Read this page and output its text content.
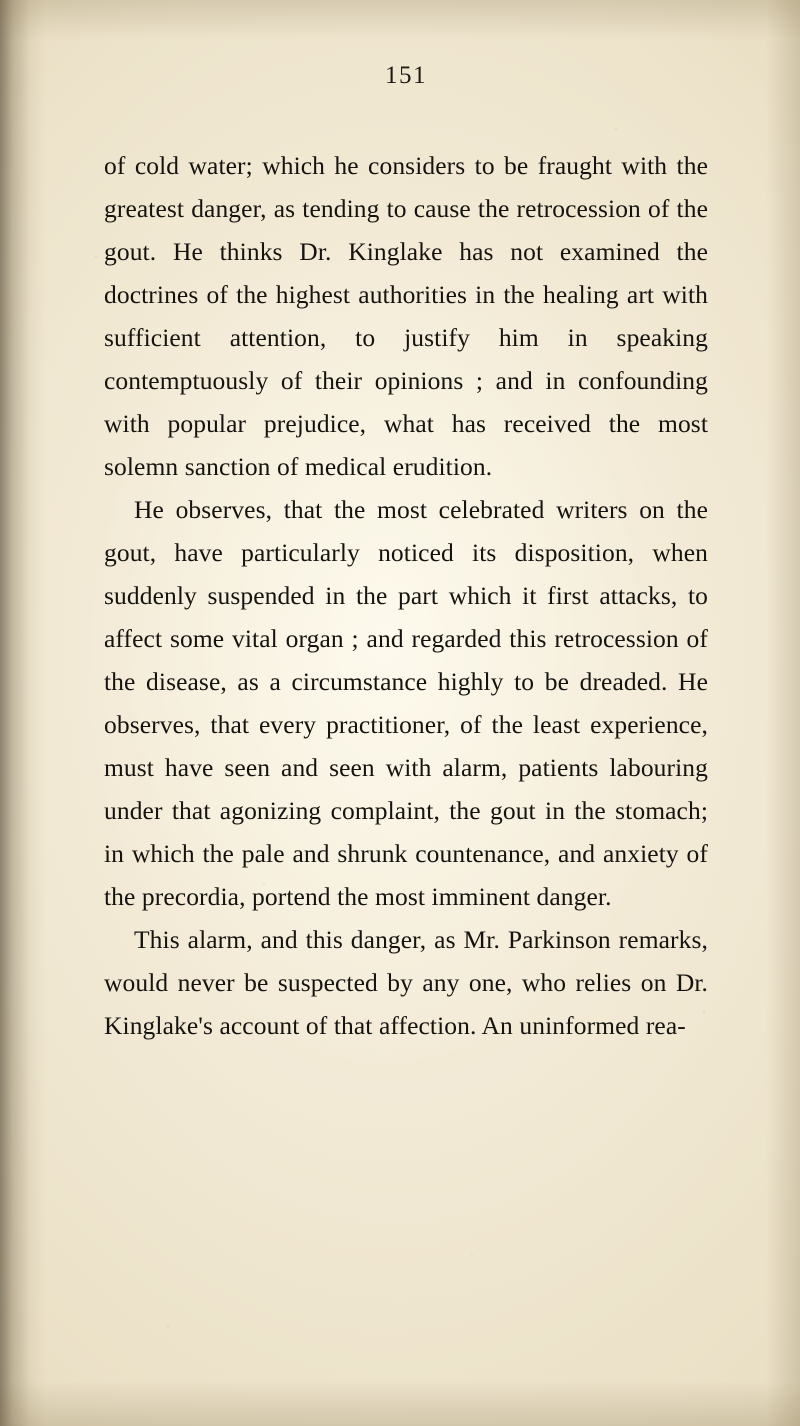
151

of cold water; which he considers to be fraught with the greatest danger, as tending to cause the retrocession of the gout. He thinks Dr. Kinglake has not examined the doctrines of the highest authorities in the healing art with sufficient attention, to justify him in speaking contemptuously of their opinions ; and in confounding with popular prejudice, what has received the most solemn sanction of medical erudition.

He observes, that the most celebrated writers on the gout, have particularly noticed its disposition, when suddenly suspended in the part which it first attacks, to affect some vital organ ; and regarded this retrocession of the disease, as a circumstance highly to be dreaded. He observes, that every practitioner, of the least experience, must have seen and seen with alarm, patients labouring under that agonizing complaint, the gout in the stomach; in which the pale and shrunk countenance, and anxiety of the precordia, portend the most imminent danger.

This alarm, and this danger, as Mr. Parkinson remarks, would never be suspected by any one, who relies on Dr. Kinglake's account of that affection. An uninformed rea-
